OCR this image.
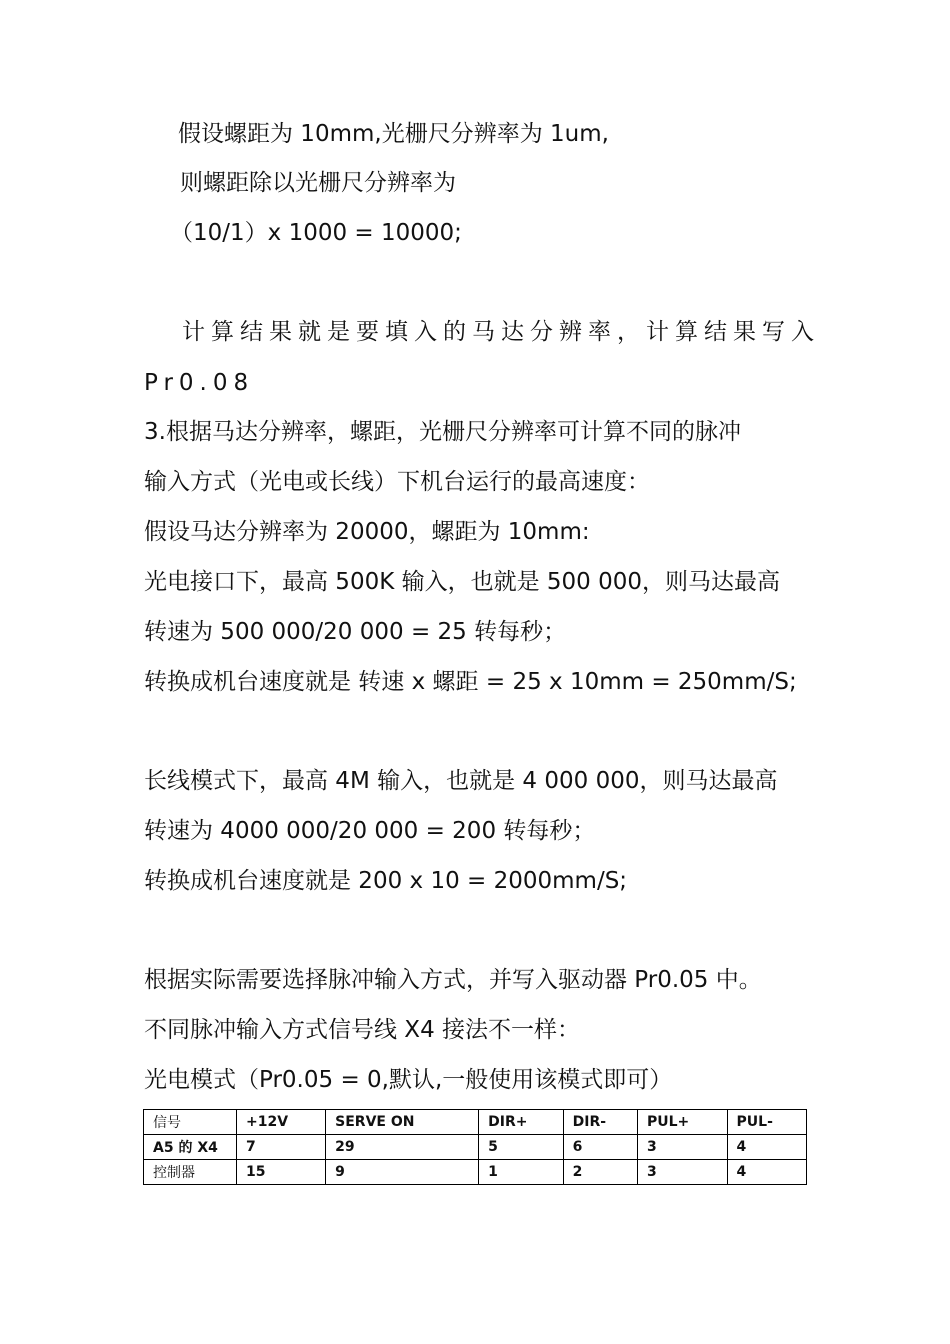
假设螺距为 10mm,光栅尺分辨率为 1um,
则螺距除以光栅尺分辨率为
（10/1）x 1000 = 10000;
计算结果就是要填入的马达分辨率，计算结果写入
Pr0.08
3.根据马达分辨率，螺距，光栅尺分辨率可计算不同的脉冲
输入方式（光电或长线）下机台运行的最高速度：
假设马达分辨率为 20000，螺距为 10mm:
光电接口下，最高 500K 输入，也就是 500 000，则马达最高
转速为 500 000/20 000 = 25 转每秒；
转换成机台速度就是 转速 x 螺距 = 25 x 10mm = 250mm/S;
长线模式下，最高 4M 输入，也就是 4 000 000，则马达最高
转速为 4000 000/20 000 = 200 转每秒；
转换成机台速度就是 200 x 10 = 2000mm/S;
根据实际需要选择脉冲输入方式，并写入驱动器 Pr0.05 中。
不同脉冲输入方式信号线 X4 接法不一样：
光电模式（Pr0.05 = 0,默认,一般使用该模式即可）
信号	+12V	SERVE ON	DIR+	DIR-	PUL+	PUL-
A5 的 X4	7	29	5	6	3	4
控制器	15	9	1	2	3	4
